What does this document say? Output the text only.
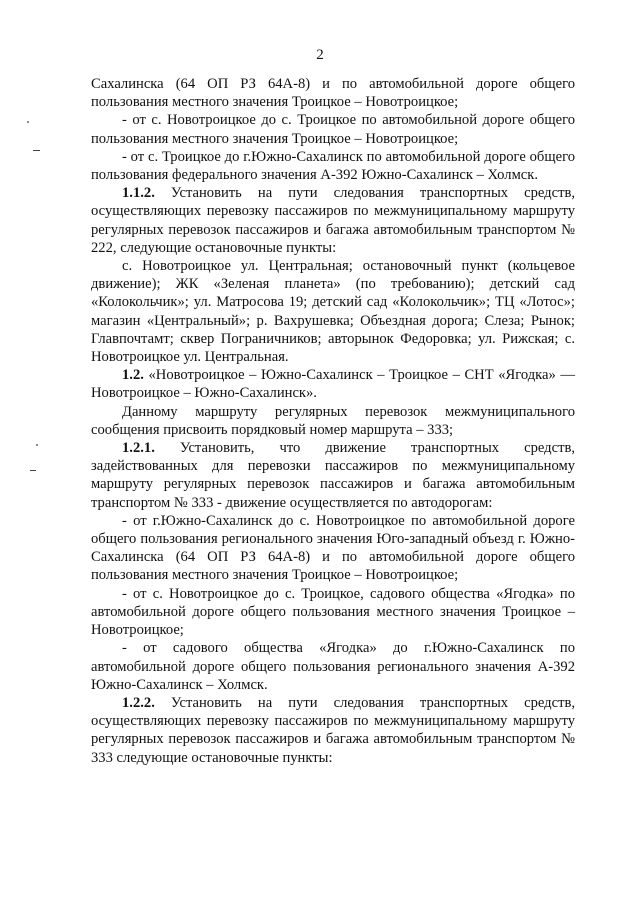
2

Сахалинска (64 ОП РЗ 64А-8) и по автомобильной дороге общего пользования местного значения Троицкое – Новотроицкое;

- от с. Новотроицкое до с. Троицкое по автомобильной дороге общего пользования местного значения Троицкое – Новотроицкое;

- от с. Троицкое до г.Южно-Сахалинск по автомобильной дороге общего пользования федерального значения А-392 Южно-Сахалинск – Холмск.

1.1.2. Установить на пути следования транспортных средств, осуществляющих перевозку пассажиров по межмуниципальному маршруту регулярных перевозок пассажиров и багажа автомобильным транспортом № 222, следующие остановочные пункты:

с. Новотроицкое ул. Центральная; остановочный пункт (кольцевое движение); ЖК «Зеленая планета» (по требованию); детский сад «Колокольчик»; ул. Матросова 19; детский сад «Колокольчик»; ТЦ «Лотос»; магазин «Центральный»; р. Вахрушевка; Объездная дорога; Слеза; Рынок; Главпочтамт; сквер Пограничников; авторынок Федоровка; ул. Рижская; с. Новотроицкое ул. Центральная.

1.2. «Новотроицкое – Южно-Сахалинск – Троицкое – СНТ «Ягодка» — Новотроицкое – Южно-Сахалинск».

Данному маршруту регулярных перевозок межмуниципального сообщения присвоить порядковый номер маршрута – 333;

1.2.1. Установить, что движение транспортных средств, задействованных для перевозки пассажиров по межмуниципальному маршруту регулярных перевозок пассажиров и багажа автомобильным транспортом № 333 - движение осуществляется по автодорогам:

- от г.Южно-Сахалинск до с. Новотроицкое по автомобильной дороге общего пользования регионального значения Юго-западный объезд г. Южно-Сахалинска (64 ОП РЗ 64А-8) и по автомобильной дороге общего пользования местного значения Троицкое – Новотроицкое;

- от с. Новотроицкое до с. Троицкое, садового общества «Ягодка» по автомобильной дороге общего пользования местного значения Троицкое – Новотроицкое;

- от садового общества «Ягодка» до г.Южно-Сахалинск по автомобильной дороге общего пользования регионального значения А-392 Южно-Сахалинск – Холмск.

1.2.2. Установить на пути следования транспортных средств, осуществляющих перевозку пассажиров по межмуниципальному маршруту регулярных перевозок пассажиров и багажа автомобильным транспортом № 333 следующие остановочные пункты:
